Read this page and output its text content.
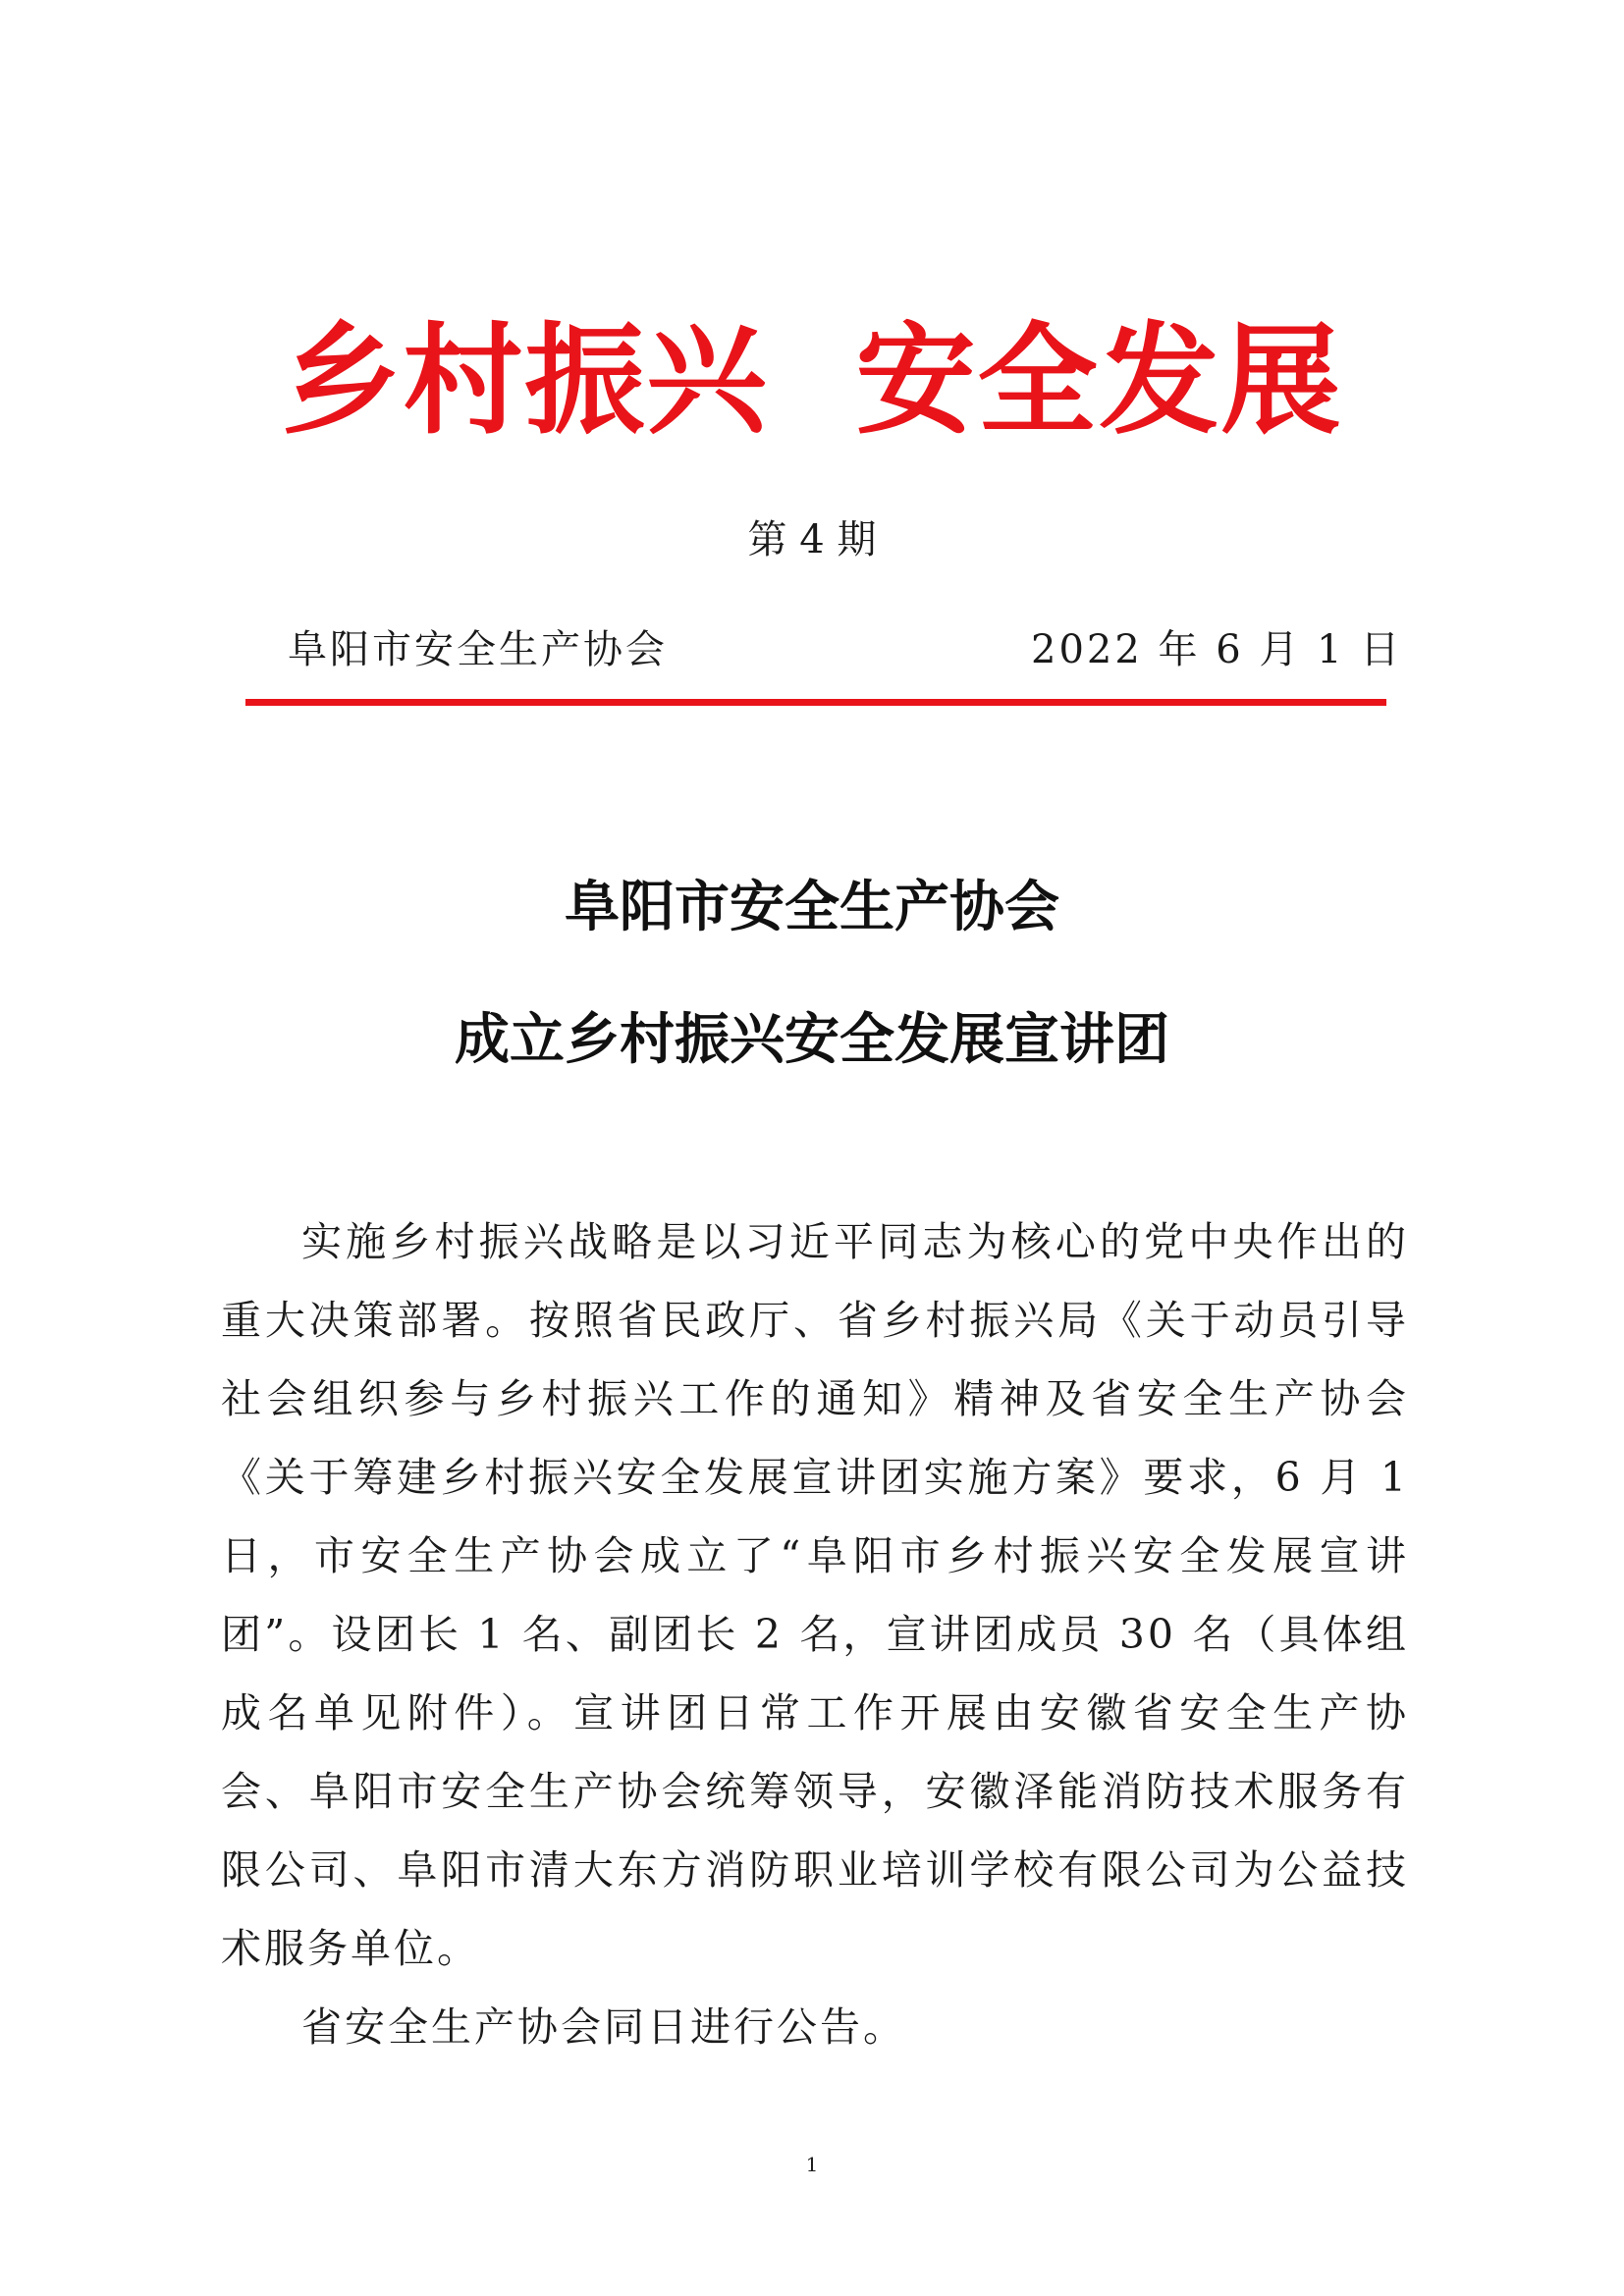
乡村振兴  安全发展
第 4 期
阜阳市安全生产协会	2022 年 6 月 1 日
阜阳市安全生产协会
成立乡村振兴安全发展宣讲团

实施乡村振兴战略是以习近平同志为核心的党中央作出的重大决策部署。按照省民政厅、省乡村振兴局《关于动员引导社会组织参与乡村振兴工作的通知》精神及省安全生产协会《关于筹建乡村振兴安全发展宣讲团实施方案》要求，6 月 1 日，市安全生产协会成立了“阜阳市乡村振兴安全发展宣讲团”。设团长 1 名、副团长 2 名，宣讲团成员 30 名（具体组成名单见附件）。宣讲团日常工作开展由安徽省安全生产协会、阜阳市安全生产协会统筹领导，安徽泽能消防技术服务有限公司、阜阳市清大东方消防职业培训学校有限公司为公益技术服务单位。

省安全生产协会同日进行公告。

1
